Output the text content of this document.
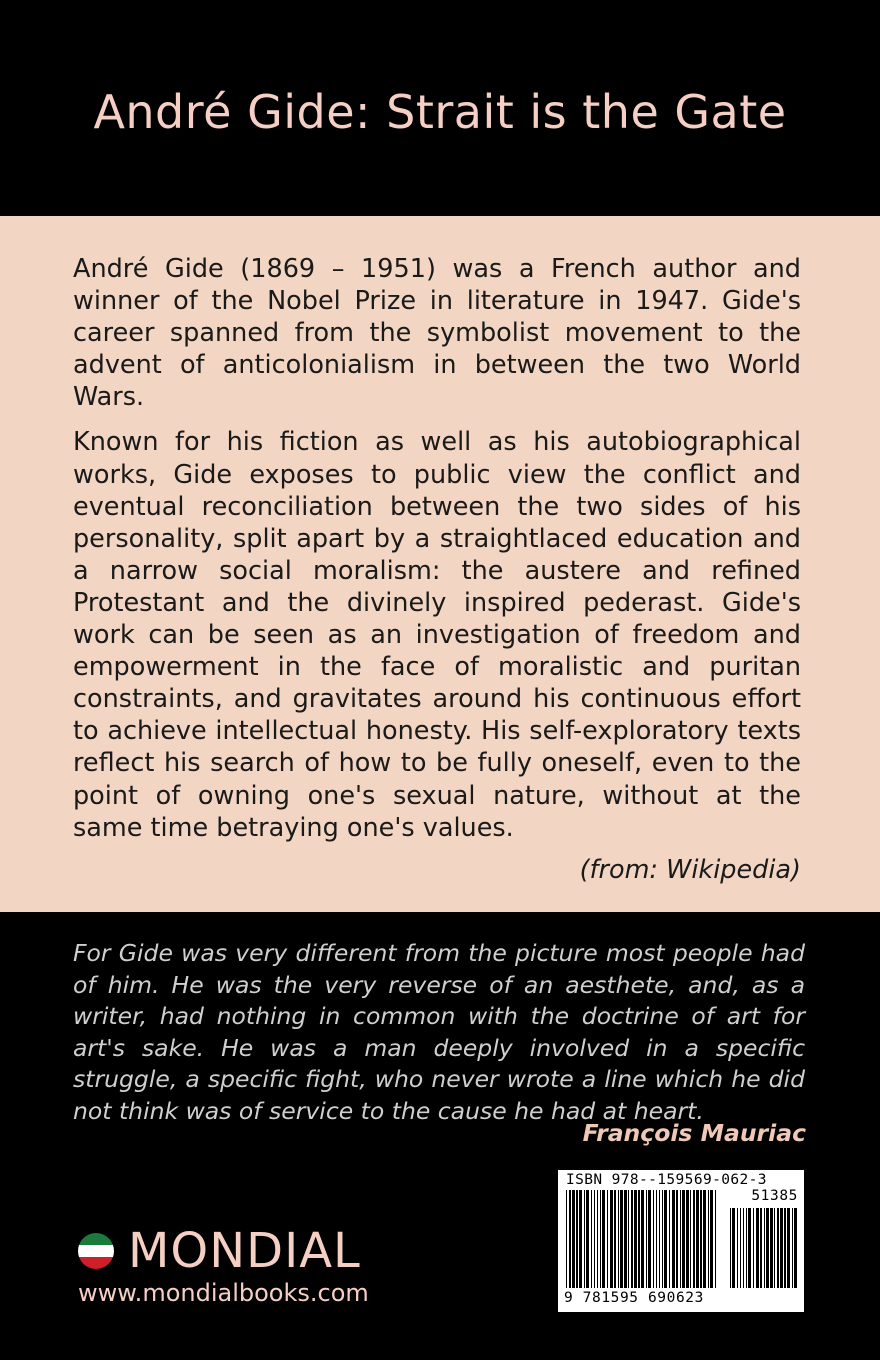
André Gide: Strait is the Gate

André Gide (1869 – 1951) was a French author and winner of the Nobel Prize in literature in 1947. Gide's career spanned from the symbolist movement to the advent of anticolonialism in between the two World Wars.

Known for his fiction as well as his autobiographical works, Gide exposes to public view the conflict and eventual reconciliation between the two sides of his personality, split apart by a straightlaced education and a narrow social moralism: the austere and refined Protestant and the divinely inspired pederast. Gide's work can be seen as an investigation of freedom and empowerment in the face of moralistic and puritan constraints, and gravitates around his continuous effort to achieve intellectual honesty. His self-exploratory texts reflect his search of how to be fully oneself, even to the point of owning one's sexual nature, without at the same time betraying one's values.

(from: Wikipedia)

For Gide was very different from the picture most people had of him. He was the very reverse of an aesthete, and, as a writer, had nothing in common with the doctrine of art for art's sake. He was a man deeply involved in a specific struggle, a specific fight, who never wrote a line which he did not think was of service to the cause he had at heart.

François Mauriac
MONDIAL
www.mondialbooks.com
ISBN 978--159569-062-3
51385
9 781595 690623
